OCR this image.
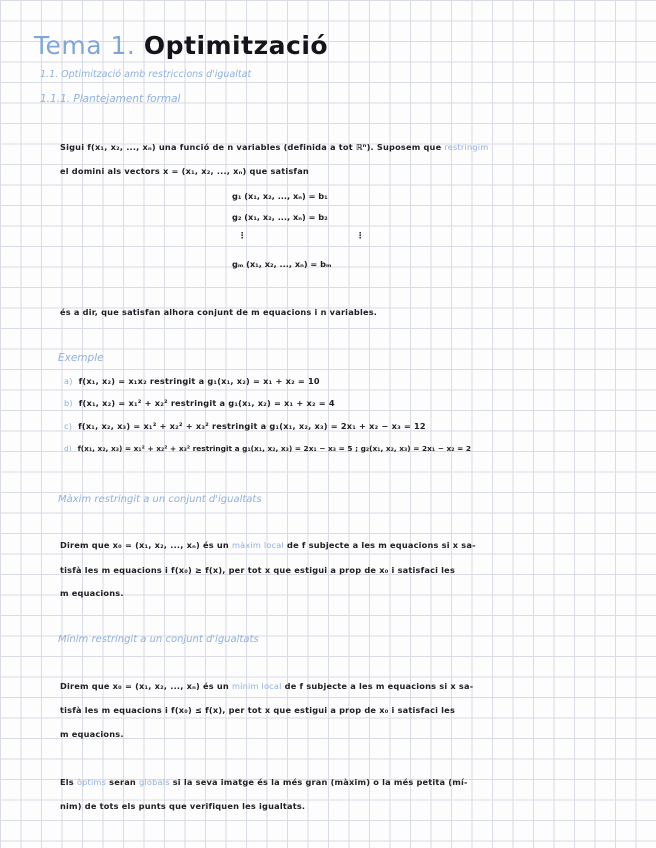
Tema 1. Optimització
1.1. Optimització amb restriccions d'igualtat
1.1.1. Plantejament formal
Sigui f(x₁, x₂, ..., xₙ) una funció de n variables (definida a tot ℝⁿ). Suposem que restringim
el domini als vectors x = (x₁, x₂, ..., xₙ) que satisfan
g₁ (x₁, x₂, ..., xₙ) = b₁
g₂ (x₁, x₂, ..., xₙ) = b₂
⋮	⋮
gₘ (x₁, x₂, ..., xₙ) = bₘ
és a dir, que satisfan alhora conjunt de m equacions i n variables.
Exemple
a) f(x₁, x₂) = x₁x₂ restringit a g₁(x₁, x₂) = x₁ + x₂ = 10
b) f(x₁, x₂) = x₁² + x₂² restringit a g₁(x₁, x₂) = x₁ + x₂ = 4
c) f(x₁, x₂, x₃) = x₁² + x₂² + x₃² restringit a g₁(x₁, x₂, x₃) = 2x₁ + x₂ − x₃ = 12
d) f(x₁, x₂, x₃) = x₁² + x₂² + x₃² restringit a g₁(x₁, x₂, x₃) = 2x₁ − x₃ = 5 ; g₂(x₁, x₂, x₃) = 2x₁ − x₂ = 2
Màxim restringit a un conjunt d'igualtats
Direm que x₀ = (x₁, x₂, ..., xₙ) és un màxim local de f subjecte a les m equacions si x sa-
tisfà les m equacions i f(x₀) ≥ f(x), per tot x que estigui a prop de x₀ i satisfaci les
m equacions.
Mínim restringit a un conjunt d'igualtats
Direm que x₀ = (x₁, x₂, ..., xₙ) és un mínim local de f subjecte a les m equacions si x sa-
tisfà les m equacions i f(x₀) ≤ f(x), per tot x que estigui a prop de x₀ i satisfaci les
m equacions.
Els òptims seran globals si la seva imatge és la més gran (màxim) o la més petita (mí-
nim) de tots els punts que verifiquen les igualtats.
